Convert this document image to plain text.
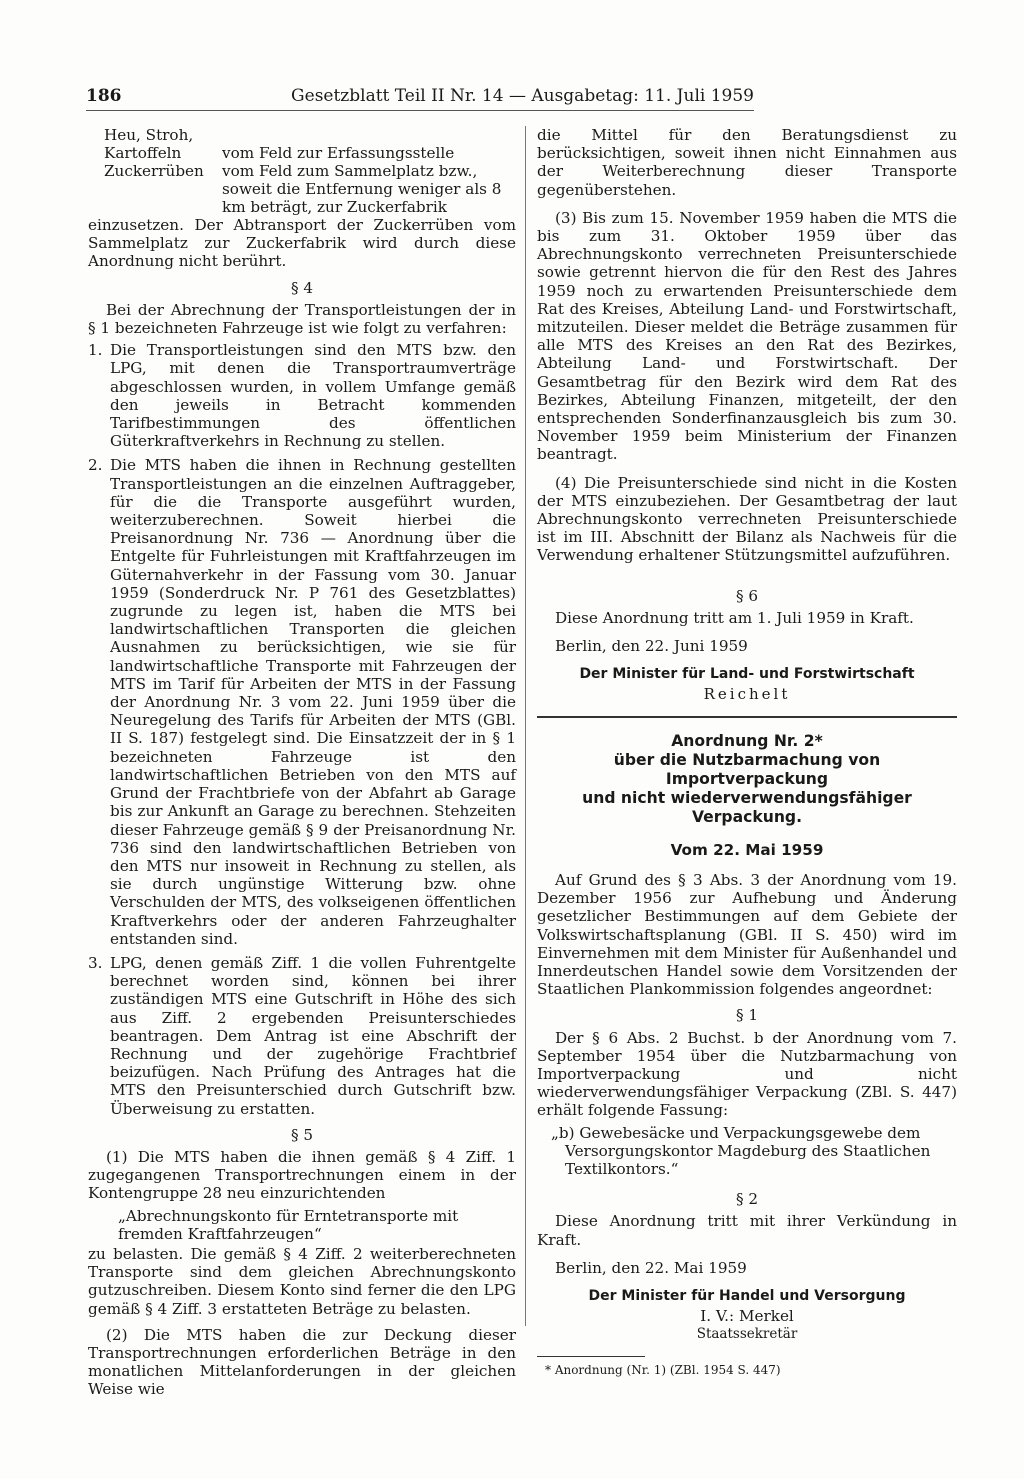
186	Gesetzblatt Teil II Nr. 14 — Ausgabetag: 11. Juli 1959
Heu, Stroh,
Kartoffeln	vom Feld zur Erfassungsstelle
Zuckerrüben	vom Feld zum Sammelplatz bzw., soweit die Entfernung weniger als 8 km beträgt, zur Zuckerfabrik

einzusetzen. Der Abtransport der Zuckerrüben vom Sammelplatz zur Zuckerfabrik wird durch diese Anordnung nicht berührt.

§ 4

Bei der Abrechnung der Transportleistungen der in § 1 bezeichneten Fahrzeuge ist wie folgt zu verfahren:

1. Die Transportleistungen sind den MTS bzw. den LPG, mit denen die Transportraumverträge abgeschlossen wurden, in vollem Umfange gemäß den jeweils in Betracht kommenden Tarifbestimmungen des öffentlichen Güterkraftverkehrs in Rechnung zu stellen.
2. Die MTS haben die ihnen in Rechnung gestellten Transportleistungen an die einzelnen Auftraggeber, für die die Transporte ausgeführt wurden, weiterzuberechnen. Soweit hierbei die Preisanordnung Nr. 736 — Anordnung über die Entgelte für Fuhrleistungen mit Kraftfahrzeugen im Güternahverkehr in der Fassung vom 30. Januar 1959 (Sonderdruck Nr. P 761 des Gesetzblattes) zugrunde zu legen ist, haben die MTS bei landwirtschaftlichen Transporten die gleichen Ausnahmen zu berücksichtigen, wie sie für landwirtschaftliche Transporte mit Fahrzeugen der MTS im Tarif für Arbeiten der MTS in der Fassung der Anordnung Nr. 3 vom 22. Juni 1959 über die Neuregelung des Tarifs für Arbeiten der MTS (GBl. II S. 187) festgelegt sind. Die Einsatzzeit der in § 1 bezeichneten Fahrzeuge ist den landwirtschaftlichen Betrieben von den MTS auf Grund der Frachtbriefe von der Abfahrt ab Garage bis zur Ankunft an Garage zu berechnen. Stehzeiten dieser Fahrzeuge gemäß § 9 der Preisanordnung Nr. 736 sind den landwirtschaftlichen Betrieben von den MTS nur insoweit in Rechnung zu stellen, als sie durch ungünstige Witterung bzw. ohne Verschulden der MTS, des volkseigenen öffentlichen Kraftverkehrs oder der anderen Fahrzeughalter entstanden sind.
3. LPG, denen gemäß Ziff. 1 die vollen Fuhrentgelte berechnet worden sind, können bei ihrer zuständigen MTS eine Gutschrift in Höhe des sich aus Ziff. 2 ergebenden Preisunterschiedes beantragen. Dem Antrag ist eine Abschrift der Rechnung und der zugehörige Frachtbrief beizufügen. Nach Prüfung des Antrages hat die MTS den Preisunterschied durch Gutschrift bzw. Überweisung zu erstatten.

§ 5

(1) Die MTS haben die ihnen gemäß § 4 Ziff. 1 zugegangenen Transportrechnungen einem in der Kontengruppe 28 neu einzurichtenden

„Abrechnungskonto für Erntetransporte mit fremden Kraftfahrzeugen“

zu belasten. Die gemäß § 4 Ziff. 2 weiterberechneten Transporte sind dem gleichen Abrechnungskonto gutzuschreiben. Diesem Konto sind ferner die den LPG gemäß § 4 Ziff. 3 erstatteten Beträge zu belasten.

(2) Die MTS haben die zur Deckung dieser Transportrechnungen erforderlichen Beträge in den monatlichen Mittelanforderungen in der gleichen Weise wie

die Mittel für den Beratungsdienst zu berücksichtigen, soweit ihnen nicht Einnahmen aus der Weiterberechnung dieser Transporte gegenüberstehen.

(3) Bis zum 15. November 1959 haben die MTS die bis zum 31. Oktober 1959 über das Abrechnungskonto verrechneten Preisunterschiede sowie getrennt hiervon die für den Rest des Jahres 1959 noch zu erwartenden Preisunterschiede dem Rat des Kreises, Abteilung Land- und Forstwirtschaft, mitzuteilen. Dieser meldet die Beträge zusammen für alle MTS des Kreises an den Rat des Bezirkes, Abteilung Land- und Forstwirtschaft. Der Gesamtbetrag für den Bezirk wird dem Rat des Bezirkes, Abteilung Finanzen, mitgeteilt, der den entsprechenden Sonderfinanzausgleich bis zum 30. November 1959 beim Ministerium der Finanzen beantragt.

(4) Die Preisunterschiede sind nicht in die Kosten der MTS einzubeziehen. Der Gesamtbetrag der laut Abrechnungskonto verrechneten Preisunterschiede ist im III. Abschnitt der Bilanz als Nachweis für die Verwendung erhaltener Stützungsmittel aufzuführen.

§ 6

Diese Anordnung tritt am 1. Juli 1959 in Kraft.

Berlin, den 22. Juni 1959

Der Minister für Land- und Forstwirtschaft

Reichelt

Anordnung Nr. 2*

über die Nutzbarmachung von Importverpackung

und nicht wiederverwendungsfähiger Verpackung.

Vom 22. Mai 1959

Auf Grund des § 3 Abs. 3 der Anordnung vom 19. Dezember 1956 zur Aufhebung und Änderung gesetzlicher Bestimmungen auf dem Gebiete der Volkswirtschaftsplanung (GBl. II S. 450) wird im Einvernehmen mit dem Minister für Außenhandel und Innerdeutschen Handel sowie dem Vorsitzenden der Staatlichen Plankommission folgendes angeordnet:

§ 1

Der § 6 Abs. 2 Buchst. b der Anordnung vom 7. September 1954 über die Nutzbarmachung von Importverpackung und nicht wiederverwendungsfähiger Verpackung (ZBl. S. 447) erhält folgende Fassung:

„b) Gewebesäcke und Verpackungsgewebe dem Versorgungskontor Magdeburg des Staatlichen Textilkontors.“

§ 2

Diese Anordnung tritt mit ihrer Verkündung in Kraft.

Berlin, den 22. Mai 1959

Der Minister für Handel und Versorgung

I. V.: Merkel

Staatssekretär

* Anordnung (Nr. 1) (ZBl. 1954 S. 447)
